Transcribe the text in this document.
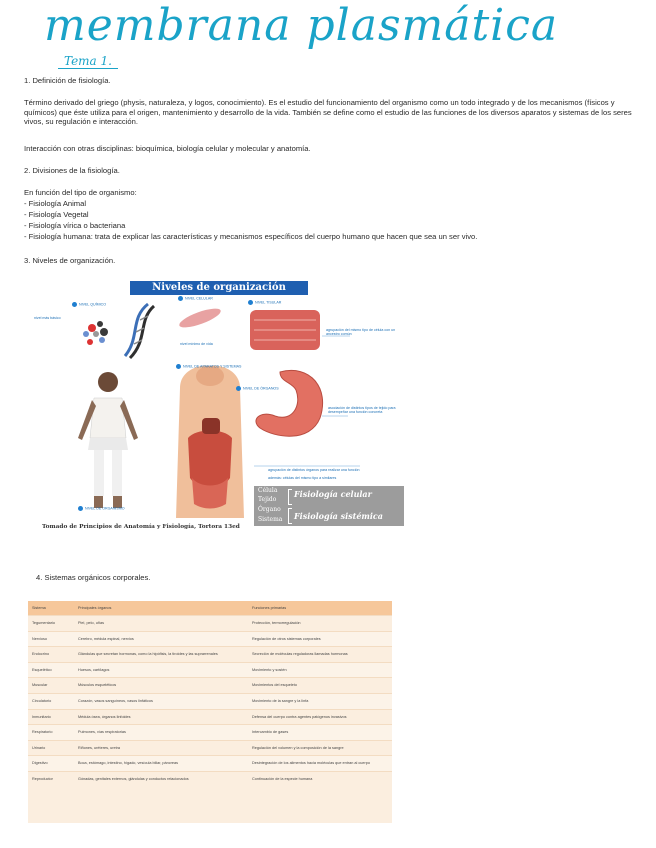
membrana plasmática
Tema 1.
1. Definición de fisiología.
Término derivado del griego (physis, naturaleza, y logos, conocimiento). Es el estudio del funcionamiento del organismo como un todo integrado y de los mecanismos (físicos y químicos) que éste utiliza para el origen, mantenimiento y desarrollo de la vida. También se define como el estudio de las funciones de los diversos aparatos y sistemas de los seres vivos, su regulación e interacción.
Interacción con otras disciplinas: bioquímica, biología celular y molecular y anatomía.
2. Divisiones de la fisiología.
En función del tipo de organismo:
- Fisiología Animal
- Fisiología Vegetal
- Fisiología vírica o bacteriana
- Fisiología humana: trata de explicar las características y mecanismos específicos del cuerpo humano que hacen que sea un ser vivo.
3. Niveles de organización.
Niveles de organización
NIVEL QUÍMICO
NIVEL CELULAR
NIVEL TISULAR
NIVEL DE ÓRGANOS
NIVEL DE APARATOS Y SISTEMAS
NIVEL DE ORGANISMO
nivel más básico
nivel mínimo de vida
agrupación del mismo tipo de célula con un ancestro común
asociación de distintos tipos de tejido para desempeñar una función concreta
agrupación de distintos órganos para realizar una función
además: células del mismo tipo a similares
Célula
Tejido
Órgano
Sistema
Fisiología celular
Fisiología sistémica
Tomado de Principios de Anatomía y Fisiología, Tortora 13ed
4. Sistemas orgánicos corporales.
Sistema	Principales órganos	Funciones primarias
Tegumentario	Piel, pelo, uñas	Protección, termorregulación
Nervioso	Cerebro, médula espinal, nervios	Regulación de otros sistemas corporales
Endocrino	Glándulas que secretan hormonas, como la hipófisis, la tiroides y las suprarrenales	Secreción de moléculas reguladoras llamadas hormonas
Esquelético	Huesos, cartílagos	Movimiento y sostén
Muscular	Músculos esqueléticos	Movimientos del esqueleto
Circulatorio	Corazón, vasos sanguíneos, vasos linfáticos	Movimiento de la sangre y la linfa
Inmunitario	Médula ósea, órganos linfoides	Defensa del cuerpo contra agentes patógenos invasivos
Respiratorio	Pulmones, vías respiratorias	Intercambio de gases
Urinario	Riñones, uréteres, uretra	Regulación del volumen y la composición de la sangre
Digestivo	Boca, estómago, intestino, hígado, vesícula biliar, páncreas	Desintegración de los alimentos hacia moléculas que entran al cuerpo
Reproductor	Gónadas, genitales externos, glándulas y conductos relacionados	Continuación de la especie humana
